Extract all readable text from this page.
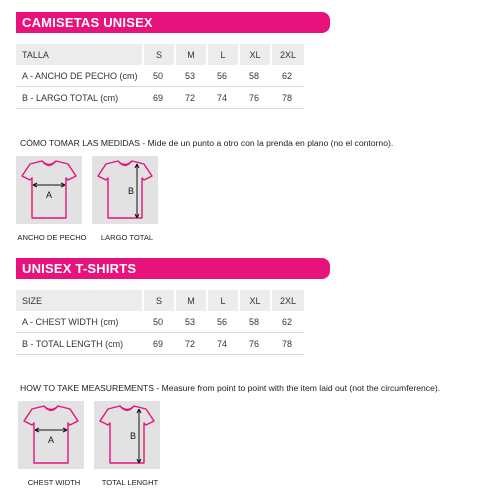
CAMISETAS UNISEX
TALLA	S	M	L	XL	2XL
A - ANCHO DE PECHO (cm)	50	53	56	58	62
B - LARGO TOTAL (cm)	69	72	74	76	78
CÓMO TOMAR LAS MEDIDAS - Mide de un punto a otro con la prenda en plano (no el contorno).
A
ANCHO DE PECHO
B
LARGO TOTAL
UNISEX T-SHIRTS
SIZE	S	M	L	XL	2XL
A - CHEST WIDTH (cm)	50	53	56	58	62
B - TOTAL LENGTH (cm)	69	72	74	76	78
HOW TO TAKE MEASUREMENTS - Measure from point to point with the item laid out (not the circumference).
A
CHEST WIDTH
B
TOTAL LENGHT
